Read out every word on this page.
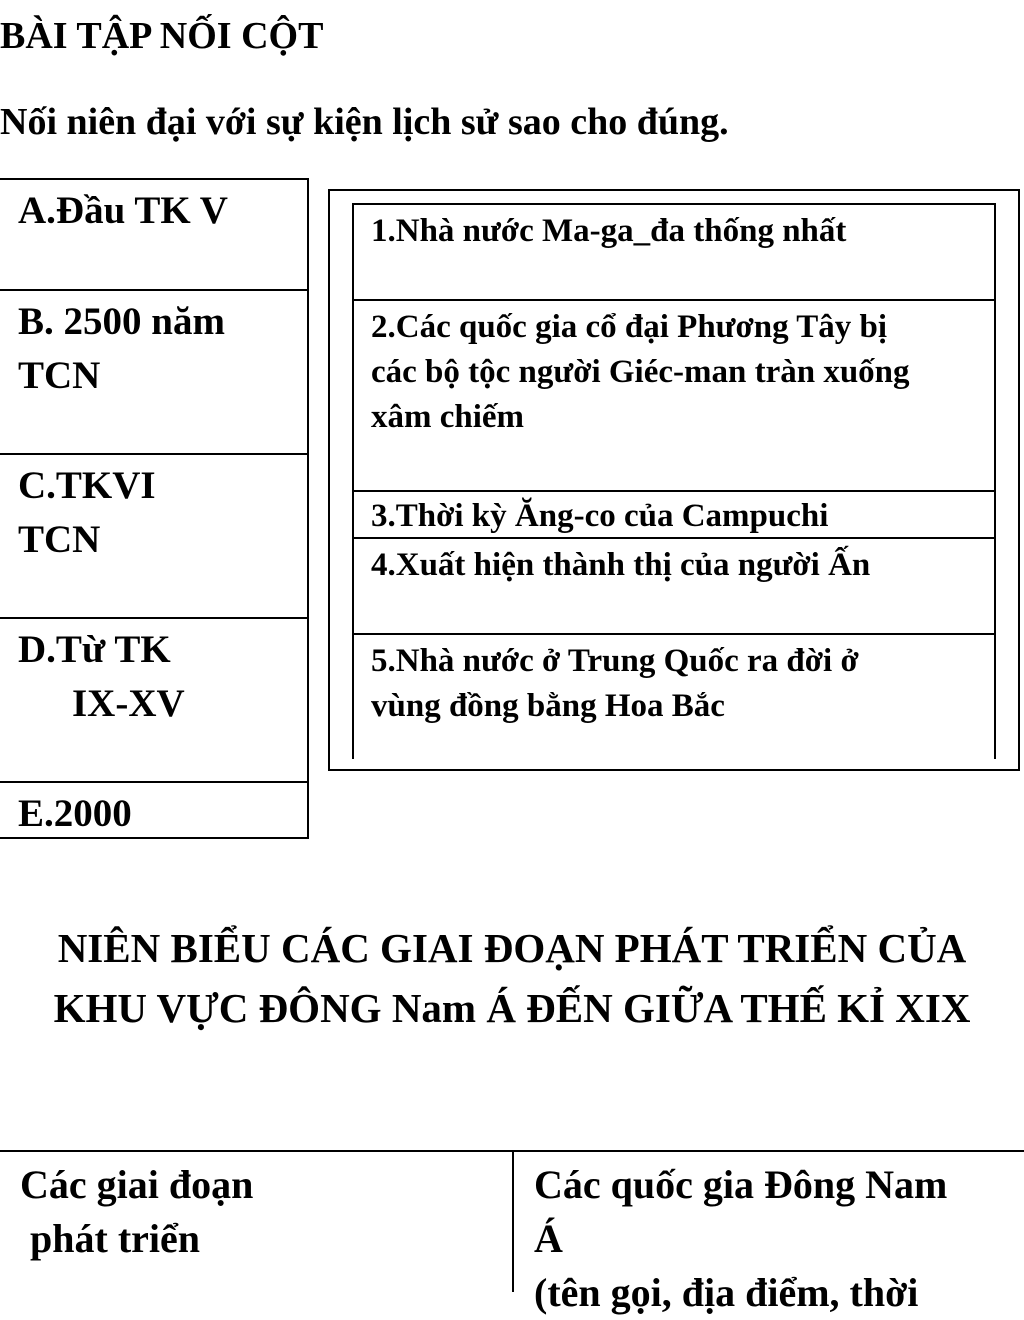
BÀI TẬP NỐI CỘT
Nối niên đại với sự kiện lịch sử sao cho đúng.
A.Đầu TK V
B. 2500 năm
TCN
C.TKVI
TCN
D.Từ TK
IX-XV
E.2000
1.Nhà nước Ma-ga_đa thống nhất
2.Các quốc gia cổ đại Phương Tây bị
các bộ tộc người Giéc-man tràn xuống
xâm chiếm
3.Thời kỳ Ăng-co của Campuchi
4.Xuất hiện thành thị của người Ấn
5.Nhà nước ở Trung Quốc ra đời ở
vùng đồng bằng Hoa Bắc
NIÊN BIỂU CÁC GIAI ĐOẠN PHÁT TRIỂN CỦA
KHU VỰC ĐÔNG Nam Á ĐẾN GIỮA THẾ KỈ XIX
Các giai đoạn
phát triển
Các quốc gia Đông Nam
Á
(tên gọi, địa điểm, thời
